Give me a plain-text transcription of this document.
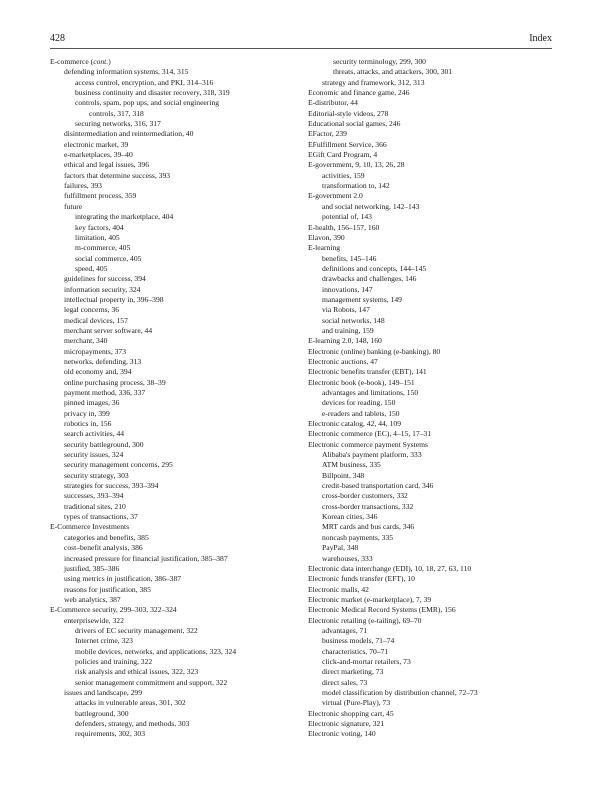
428	Index
E-commerce (cont.)
defending information systems, 314, 315
access control, encryption, and PKI, 314–316
business continuity and disaster recovery, 318, 319
controls, spam, pop ups, and social engineering
controls, 317, 318
securing networks, 316, 317
disintermediation and reintermediation, 40
electronic market, 39
e-marketplaces, 39–40
ethical and legal issues, 396
factors that determine success, 393
failures, 393
fulfillment process, 359
future
integrating the marketplace, 404
key factors, 404
limitation, 405
m-commerce, 405
social commerce, 405
speed, 405
guidelines for success, 394
information security, 324
intellectual property in, 396–398
legal concerns, 36
medical devices, 157
merchant server software, 44
merchant, 340
micropayments, 373
networks, defending, 313
old economy and, 394
online purchasing process, 38–39
payment method, 336, 337
pinned images, 36
privacy in, 399
robotics in, 156
search activities, 44
security battleground, 300
security issues, 324
security management concerns, 295
security strategy, 303
strategies for success, 393–394
successes, 393–394
traditional sites, 210
types of transactions, 37
E-Commerce Investments
categories and benefits, 385
cost–benefit analysis, 386
increased pressure for financial justification, 385–387
justified, 385–386
using metrics in justification, 386–387
reasons for justification, 385
web analytics, 387
E-Commerce security, 299–303, 322–324
enterprisewide, 322
drivers of EC security management, 322
Internet crime, 323
mobile devices, networks, and applications, 323, 324
policies and training, 322
risk analysis and ethical issues, 322, 323
senior management commitment and support, 322
issues and landscape, 299
attacks in vulnerable areas, 301, 302
battleground, 300
defenders, strategy, and methods, 303
requirements, 302, 303
security terminology, 299, 300
threats, attacks, and attackers, 300, 301
strategy and framework, 312, 313
Economic and finance game, 246
E-distributor, 44
Editorial-style videos, 278
Educational social games, 246
EFactor, 239
EFulfillment Service, 366
EGift Card Program, 4
E-government, 9, 10, 13, 26, 28
activities, 159
transformation to, 142
E-government 2.0
and social networking, 142–143
potential of, 143
E-health, 156–157, 160
Elavon, 390
E-learning
benefits, 145–146
definitions and concepts, 144–145
drawbacks and challenges, 146
innovations, 147
management systems, 149
via Robots, 147
social networks, 148
and training, 159
E-learning 2.0, 148, 160
Electronic (online) banking (e-banking), 80
Electronic auctions, 47
Electronic benefits transfer (EBT), 141
Electronic book (e-book), 149–151
advantages and limitations, 150
devices for reading, 150
e-readers and tablets, 150
Electronic catalog, 42, 44, 109
Electronic commerce (EC), 4–15, 17–31
Electronic commerce payment Systems
Alibaba's payment platform, 333
ATM business, 335
Billpoint, 348
credit-based transportation card, 346
cross-border customers, 332
cross-border transactions, 332
Korean cities, 346
MRT cards and bus cards, 346
noncash payments, 335
PayPal, 348
warehouses, 333
Electronic data interchange (EDI), 10, 18, 27, 63, 110
Electronic funds transfer (EFT), 10
Electronic malls, 42
Electronic market (e-marketplace), 7, 39
Electronic Medical Record Systems (EMR), 156
Electronic retailing (e-tailing), 69–70
advantages, 71
business models, 71–74
characteristics, 70–71
click-and-mortar retailers, 73
direct marketing, 73
direct sales, 73
model classification by distribution channel, 72–73
virtual (Pure-Play), 73
Electronic shopping cart, 45
Electronic signature, 321
Electronic voting, 140
